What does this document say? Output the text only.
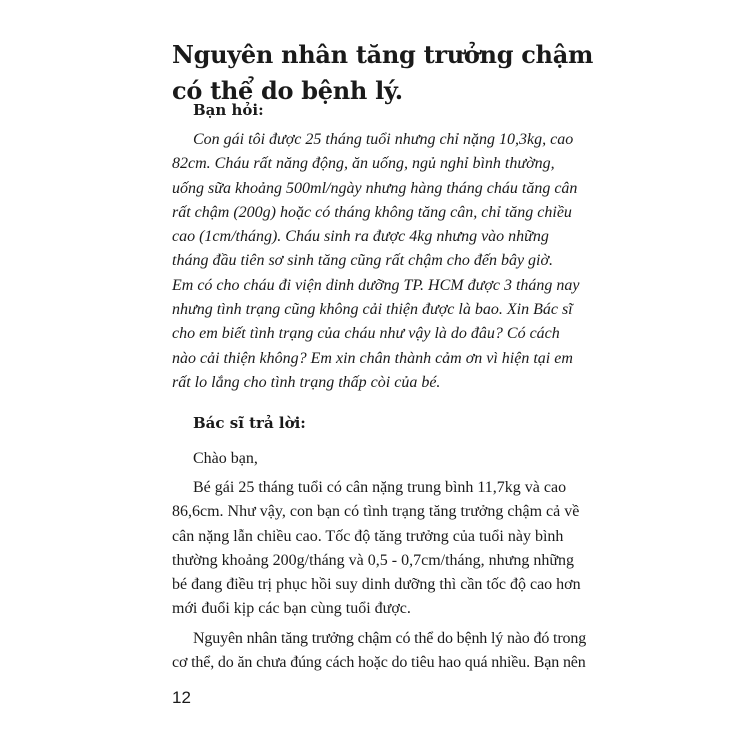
Nguyên nhân tăng trưởng chậm có thể do bệnh lý.
Bạn hỏi:
Con gái tôi được 25 tháng tuổi nhưng chỉ nặng 10,3kg, cao
82cm. Cháu rất năng động, ăn uống, ngủ nghỉ bình thường,
uống sữa khoảng 500ml/ngày nhưng hàng tháng cháu tăng cân
rất chậm (200g) hoặc có tháng không tăng cân, chỉ tăng chiều
cao (1cm/tháng). Cháu sinh ra được 4kg nhưng vào những
tháng đầu tiên sơ sinh tăng cũng rất chậm cho đến bây giờ.
Em có cho cháu đi viện dinh dưỡng TP. HCM được 3 tháng nay
nhưng tình trạng cũng không cải thiện được là bao. Xin Bác sĩ
cho em biết tình trạng của cháu như vậy là do đâu? Có cách
nào cải thiện không? Em xin chân thành cảm ơn vì hiện tại em
rất lo lắng cho tình trạng thấp còi của bé.
Bác sĩ trả lời:
Chào bạn,
Bé gái 25 tháng tuổi có cân nặng trung bình 11,7kg và cao
86,6cm. Như vậy, con bạn có tình trạng tăng trưởng chậm cả về
cân nặng lẫn chiều cao. Tốc độ tăng trưởng của tuổi này bình
thường khoảng 200g/tháng và 0,5 - 0,7cm/tháng, nhưng những
bé đang điều trị phục hồi suy dinh dưỡng thì cần tốc độ cao hơn
mới đuổi kịp các bạn cùng tuổi được.
Nguyên nhân tăng trưởng chậm có thể do bệnh lý nào đó trong
cơ thể, do ăn chưa đúng cách hoặc do tiêu hao quá nhiều. Bạn nên
12
